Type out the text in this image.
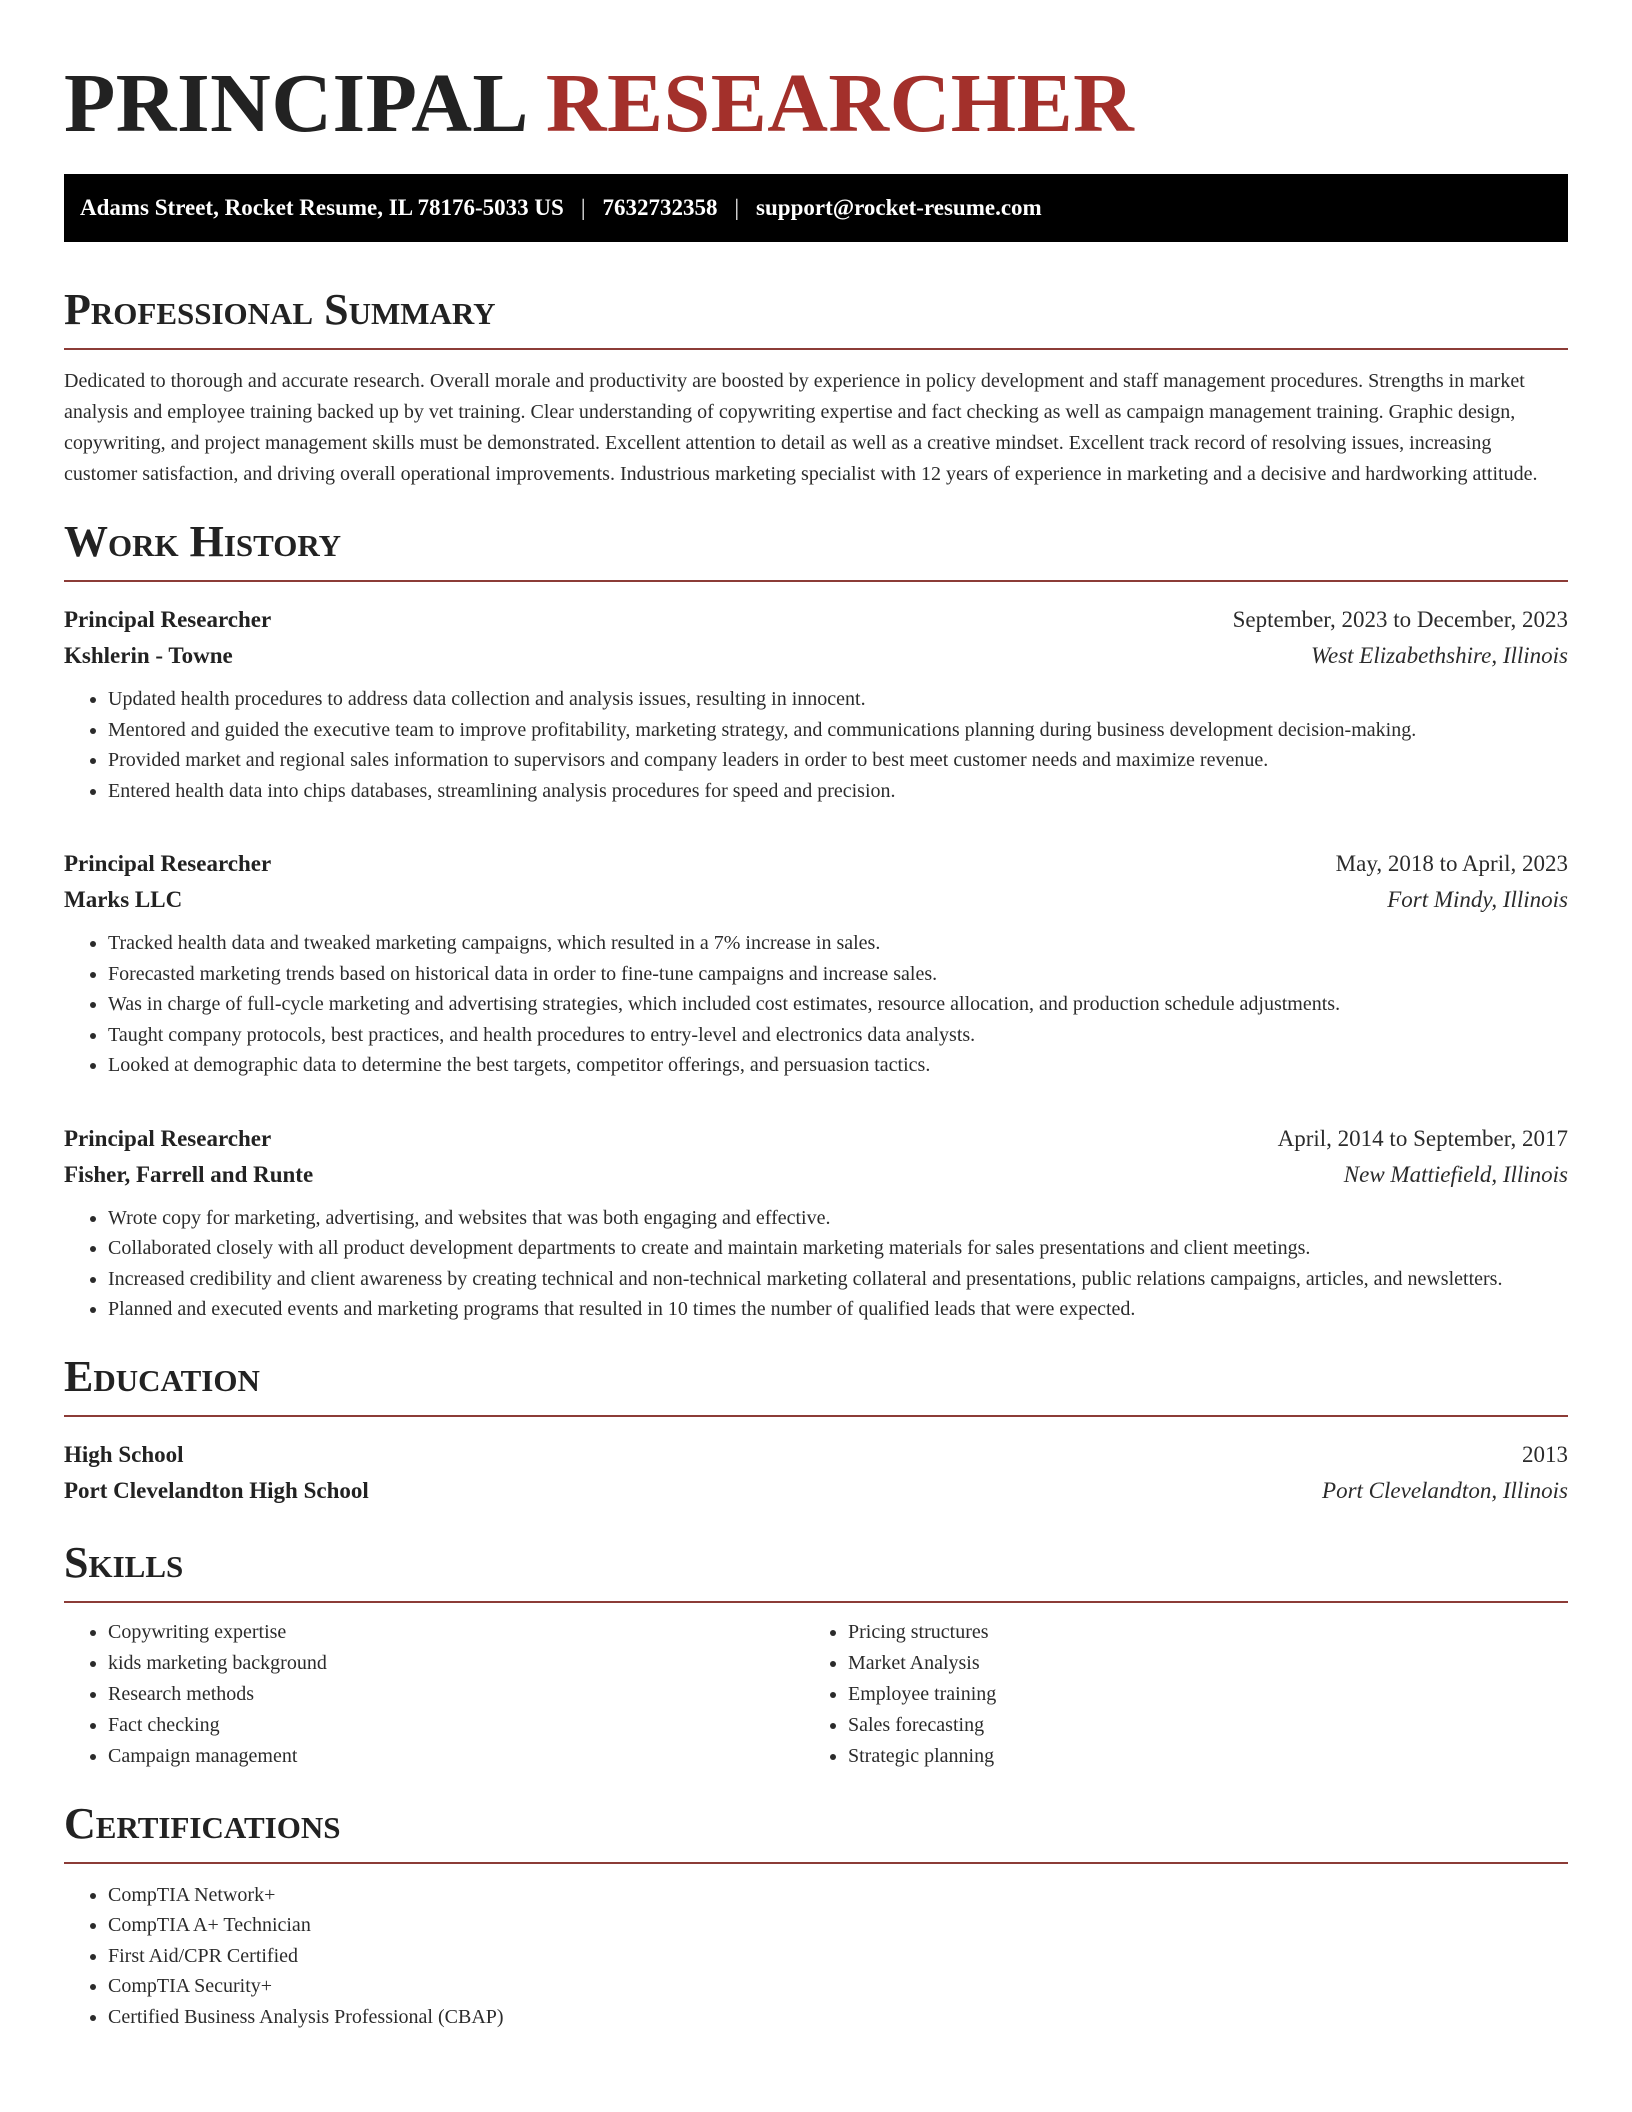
PRINCIPAL RESEARCHER
Adams Street, Rocket Resume, IL 78176-5033 US | 7632732358 | support@rocket-resume.com
Professional Summary

Dedicated to thorough and accurate research. Overall morale and productivity are boosted by experience in policy development and staff management procedures. Strengths in market analysis and employee training backed up by vet training. Clear understanding of copywriting expertise and fact checking as well as campaign management training. Graphic design, copywriting, and project management skills must be demonstrated. Excellent attention to detail as well as a creative mindset. Excellent track record of resolving issues, increasing customer satisfaction, and driving overall operational improvements. Industrious marketing specialist with 12 years of experience in marketing and a decisive and hardworking attitude.

Work History
Principal Researcher	September, 2023 to December, 2023
Kshlerin - Towne	West Elizabethshire, Illinois
• Updated health procedures to address data collection and analysis issues, resulting in innocent.
• Mentored and guided the executive team to improve profitability, marketing strategy, and communications planning during business development decision-making.
• Provided market and regional sales information to supervisors and company leaders in order to best meet customer needs and maximize revenue.
• Entered health data into chips databases, streamlining analysis procedures for speed and precision.
Principal Researcher	May, 2018 to April, 2023
Marks LLC	Fort Mindy, Illinois
• Tracked health data and tweaked marketing campaigns, which resulted in a 7% increase in sales.
• Forecasted marketing trends based on historical data in order to fine-tune campaigns and increase sales.
• Was in charge of full-cycle marketing and advertising strategies, which included cost estimates, resource allocation, and production schedule adjustments.
• Taught company protocols, best practices, and health procedures to entry-level and electronics data analysts.
• Looked at demographic data to determine the best targets, competitor offerings, and persuasion tactics.
Principal Researcher	April, 2014 to September, 2017
Fisher, Farrell and Runte	New Mattiefield, Illinois
• Wrote copy for marketing, advertising, and websites that was both engaging and effective.
• Collaborated closely with all product development departments to create and maintain marketing materials for sales presentations and client meetings.
• Increased credibility and client awareness by creating technical and non-technical marketing collateral and presentations, public relations campaigns, articles, and newsletters.
• Planned and executed events and marketing programs that resulted in 10 times the number of qualified leads that were expected.
Education
High School	2013
Port Clevelandton High School	Port Clevelandton, Illinois
Skills
• Copywriting expertise
• kids marketing background
• Research methods
• Fact checking
• Campaign management
• Pricing structures
• Market Analysis
• Employee training
• Sales forecasting
• Strategic planning
Certifications
• CompTIA Network+
• CompTIA A+ Technician
• First Aid/CPR Certified
• CompTIA Security+
• Certified Business Analysis Professional (CBAP)
